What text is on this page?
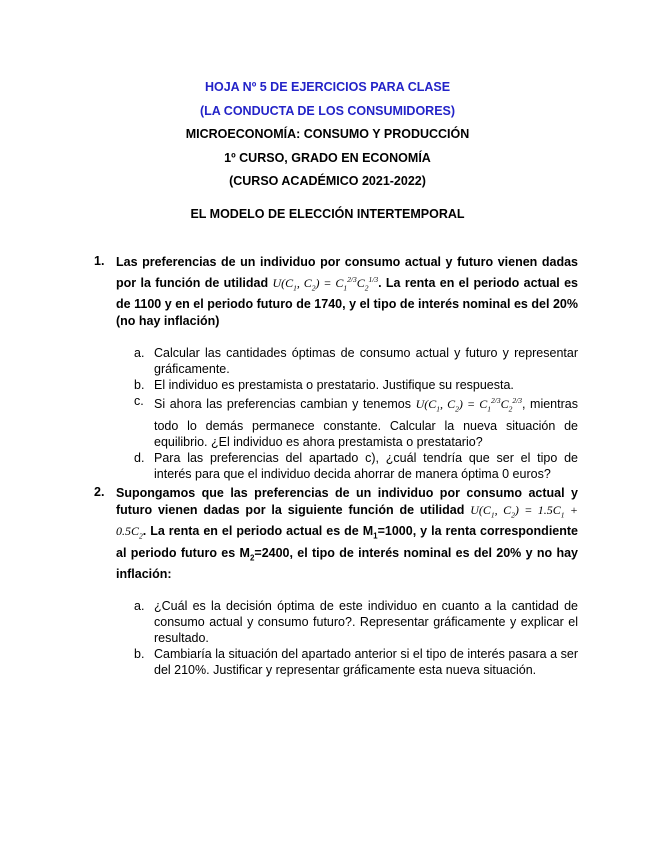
HOJA Nº 5 DE EJERCICIOS PARA CLASE
(LA CONDUCTA DE LOS CONSUMIDORES)
MICROECONOMÍA: CONSUMO Y PRODUCCIÓN
1º CURSO, GRADO EN ECONOMÍA
(CURSO ACADÉMICO 2021-2022)
EL MODELO DE ELECCIÓN INTERTEMPORAL
1. Las preferencias de un individuo por consumo actual y futuro vienen dadas por la función de utilidad $U(C_1$, $C_2) = C_1^{2/3}C_2^{1/3}$. La renta en el periodo actual es de 1100 y en el periodo futuro de 1740, y el tipo de interés nominal es del 20% (no hay inflación)
a. Calcular las cantidades óptimas de consumo actual y futuro y representar gráficamente.
b. El individuo es prestamista o prestatario. Justifique su respuesta.
c. Si ahora las preferencias cambian y tenemos $U(C_1$, $C_2) = C_1^{2/3}C_2^{2/3}$, mientras todo lo demás permanece constante. Calcular la nueva situación de equilibrio. ¿El individuo es ahora prestamista o prestatario?
d. Para las preferencias del apartado c), ¿cuál tendría que ser el tipo de interés para que el individuo decida ahorrar de manera óptima 0 euros?
2. Supongamos que las preferencias de un individuo por consumo actual y futuro vienen dadas por la siguiente función de utilidad $U(C_1$, $C_2) = 1.5C_1 + 0.5C_2$. La renta en el periodo actual es de $M_1=1000$, y la renta correspondiente al periodo futuro es $M_2=2400$, el tipo de interés nominal es del 20% y no hay inflación:
a. ¿Cuál es la decisión óptima de este individuo en cuanto a la cantidad de consumo actual y consumo futuro?. Representar gráficamente y explicar el resultado.
b. Cambiaría la situación del apartado anterior si el tipo de interés pasara a ser del 210%. Justificar y representar gráficamente esta nueva situación.
